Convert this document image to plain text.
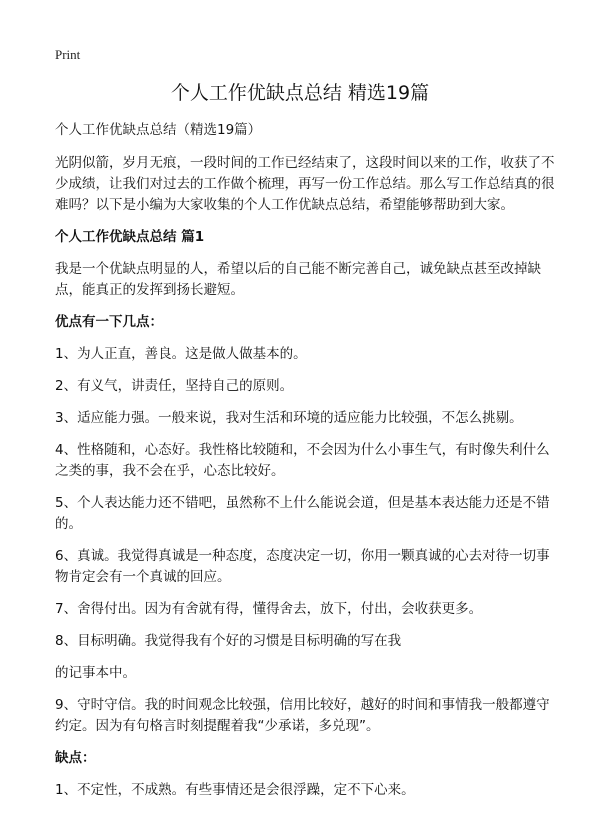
Print
个人工作优缺点总结 精选19篇

个人工作优缺点总结（精选19篇）

光阴似箭，岁月无痕，一段时间的工作已经结束了，这段时间以来的工作，收获了不少成绩，让我们对过去的工作做个梳理，再写一份工作总结。那么写工作总结真的很难吗？以下是小编为大家收集的个人工作优缺点总结，希望能够帮助到大家。

个人工作优缺点总结 篇1

我是一个优缺点明显的人，希望以后的自己能不断完善自己，诚免缺点甚至改掉缺点，能真正的发挥到扬长避短。

优点有一下几点：

1、为人正直，善良。这是做人做基本的。

2、有义气，讲责任，坚持自己的原则。

3、适应能力强。一般来说，我对生活和环境的适应能力比较强，不怎么挑剔。

4、性格随和，心态好。我性格比较随和，不会因为什么小事生气，有时像失利什么之类的事，我不会在乎，心态比较好。

5、个人表达能力还不错吧，虽然称不上什么能说会道，但是基本表达能力还是不错的。

6、真诚。我觉得真诚是一种态度，态度决定一切，你用一颗真诚的心去对待一切事物肯定会有一个真诚的回应。

7、舍得付出。因为有舍就有得，懂得舍去，放下，付出，会收获更多。

8、目标明确。我觉得我有个好的习惯是目标明确的写在我

的记事本中。

9、守时守信。我的时间观念比较强，信用比较好，越好的时间和事情我一般都遵守约定。因为有句格言时刻提醒着我“少承诺，多兑现”。

缺点：

1、不定性，不成熟。有些事情还是会很浮躁，定不下心来。
